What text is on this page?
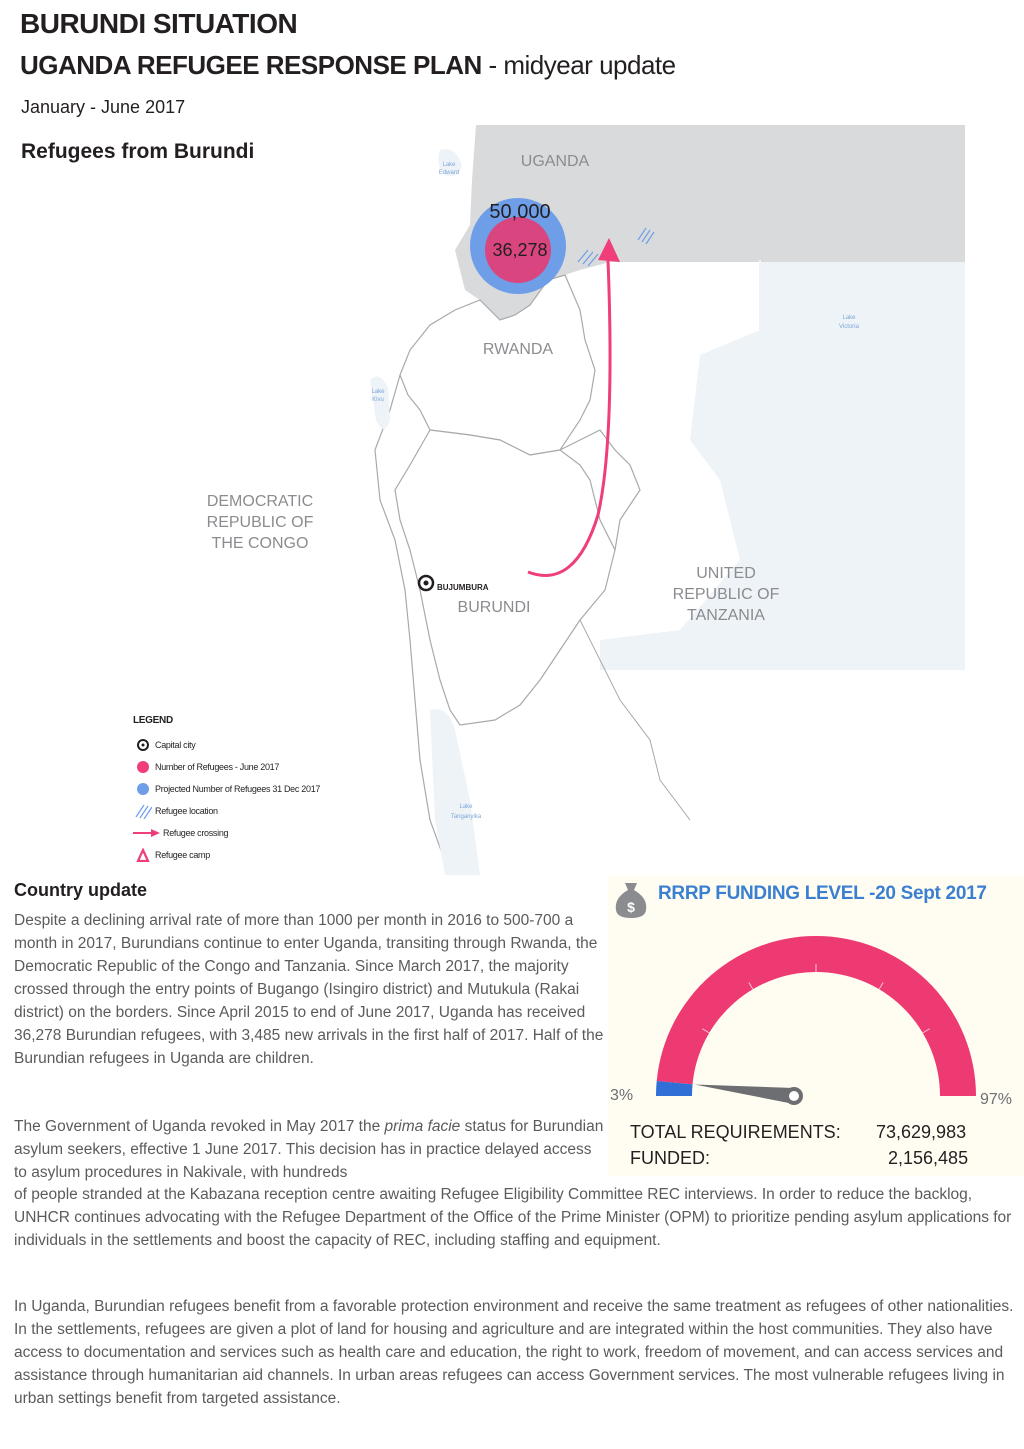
BURUNDI SITUATION
UGANDA REFUGEE RESPONSE PLAN - midyear update
January - June 2017
Refugees from Burundi	UGANDA
RWANDA
DEMOCRATIC
REPUBLIC OF
THE CONGO
BURUNDI
UNITED
REPUBLIC OF
TANZANIA
Lake
Edward
Lake
Victoria
Lake
Kivu
Lake
Tanganyika
50,000
36,278
BUJUMBURA
LEGEND
Capital city
Number of Refugees - June 2017
Projected Number of Refugees 31 Dec 2017
Refugee location
Refugee crossing
Refugee camp
Country update
Despite a declining arrival rate of more than 1000 per month in 2016 to 500-700 a month in 2017, Burundians continue to enter Uganda, transiting through Rwanda, the Democratic Republic of the Congo and Tanzania. Since March 2017, the majority crossed through the entry points of Bugango (Isingiro district) and Mutukula (Rakai district) on the borders. Since April 2015 to end of June 2017, Uganda has received 36,278 Burundian refugees, with 3,485 new arrivals in the first half of 2017. Half of the Burundian refugees in Uganda are children.
The Government of Uganda revoked in May 2017 the prima facie status for Burundian asylum seekers, effective 1 June 2017. This decision has in practice delayed access to asylum procedures in Nakivale, with hundreds
of people stranded at the Kabazana reception centre awaiting Refugee Eligibility Committee REC interviews. In order to reduce the backlog, UNHCR continues advocating with the Refugee Department of the Office of the Prime Minister (OPM) to prioritize pending asylum applications for individuals in the settlements and boost the capacity of REC, including staffing and equipment.
In Uganda, Burundian refugees benefit from a favorable protection environment and receive the same treatment as refugees of other nationalities. In the settlements, refugees are given a plot of land for housing and agriculture and are integrated within the host communities. They also have access to documentation and services such as health care and education, the right to work, freedom of movement, and can access services and assistance through humanitarian aid channels. In urban areas refugees can access Government services. The most vulnerable refugees living in urban settings benefit from targeted assistance.
$
RRRP FUNDING LEVEL -20 Sept 2017
3%	97%
TOTAL REQUIREMENTS: 73,629,983
FUNDED:	2,156,485
